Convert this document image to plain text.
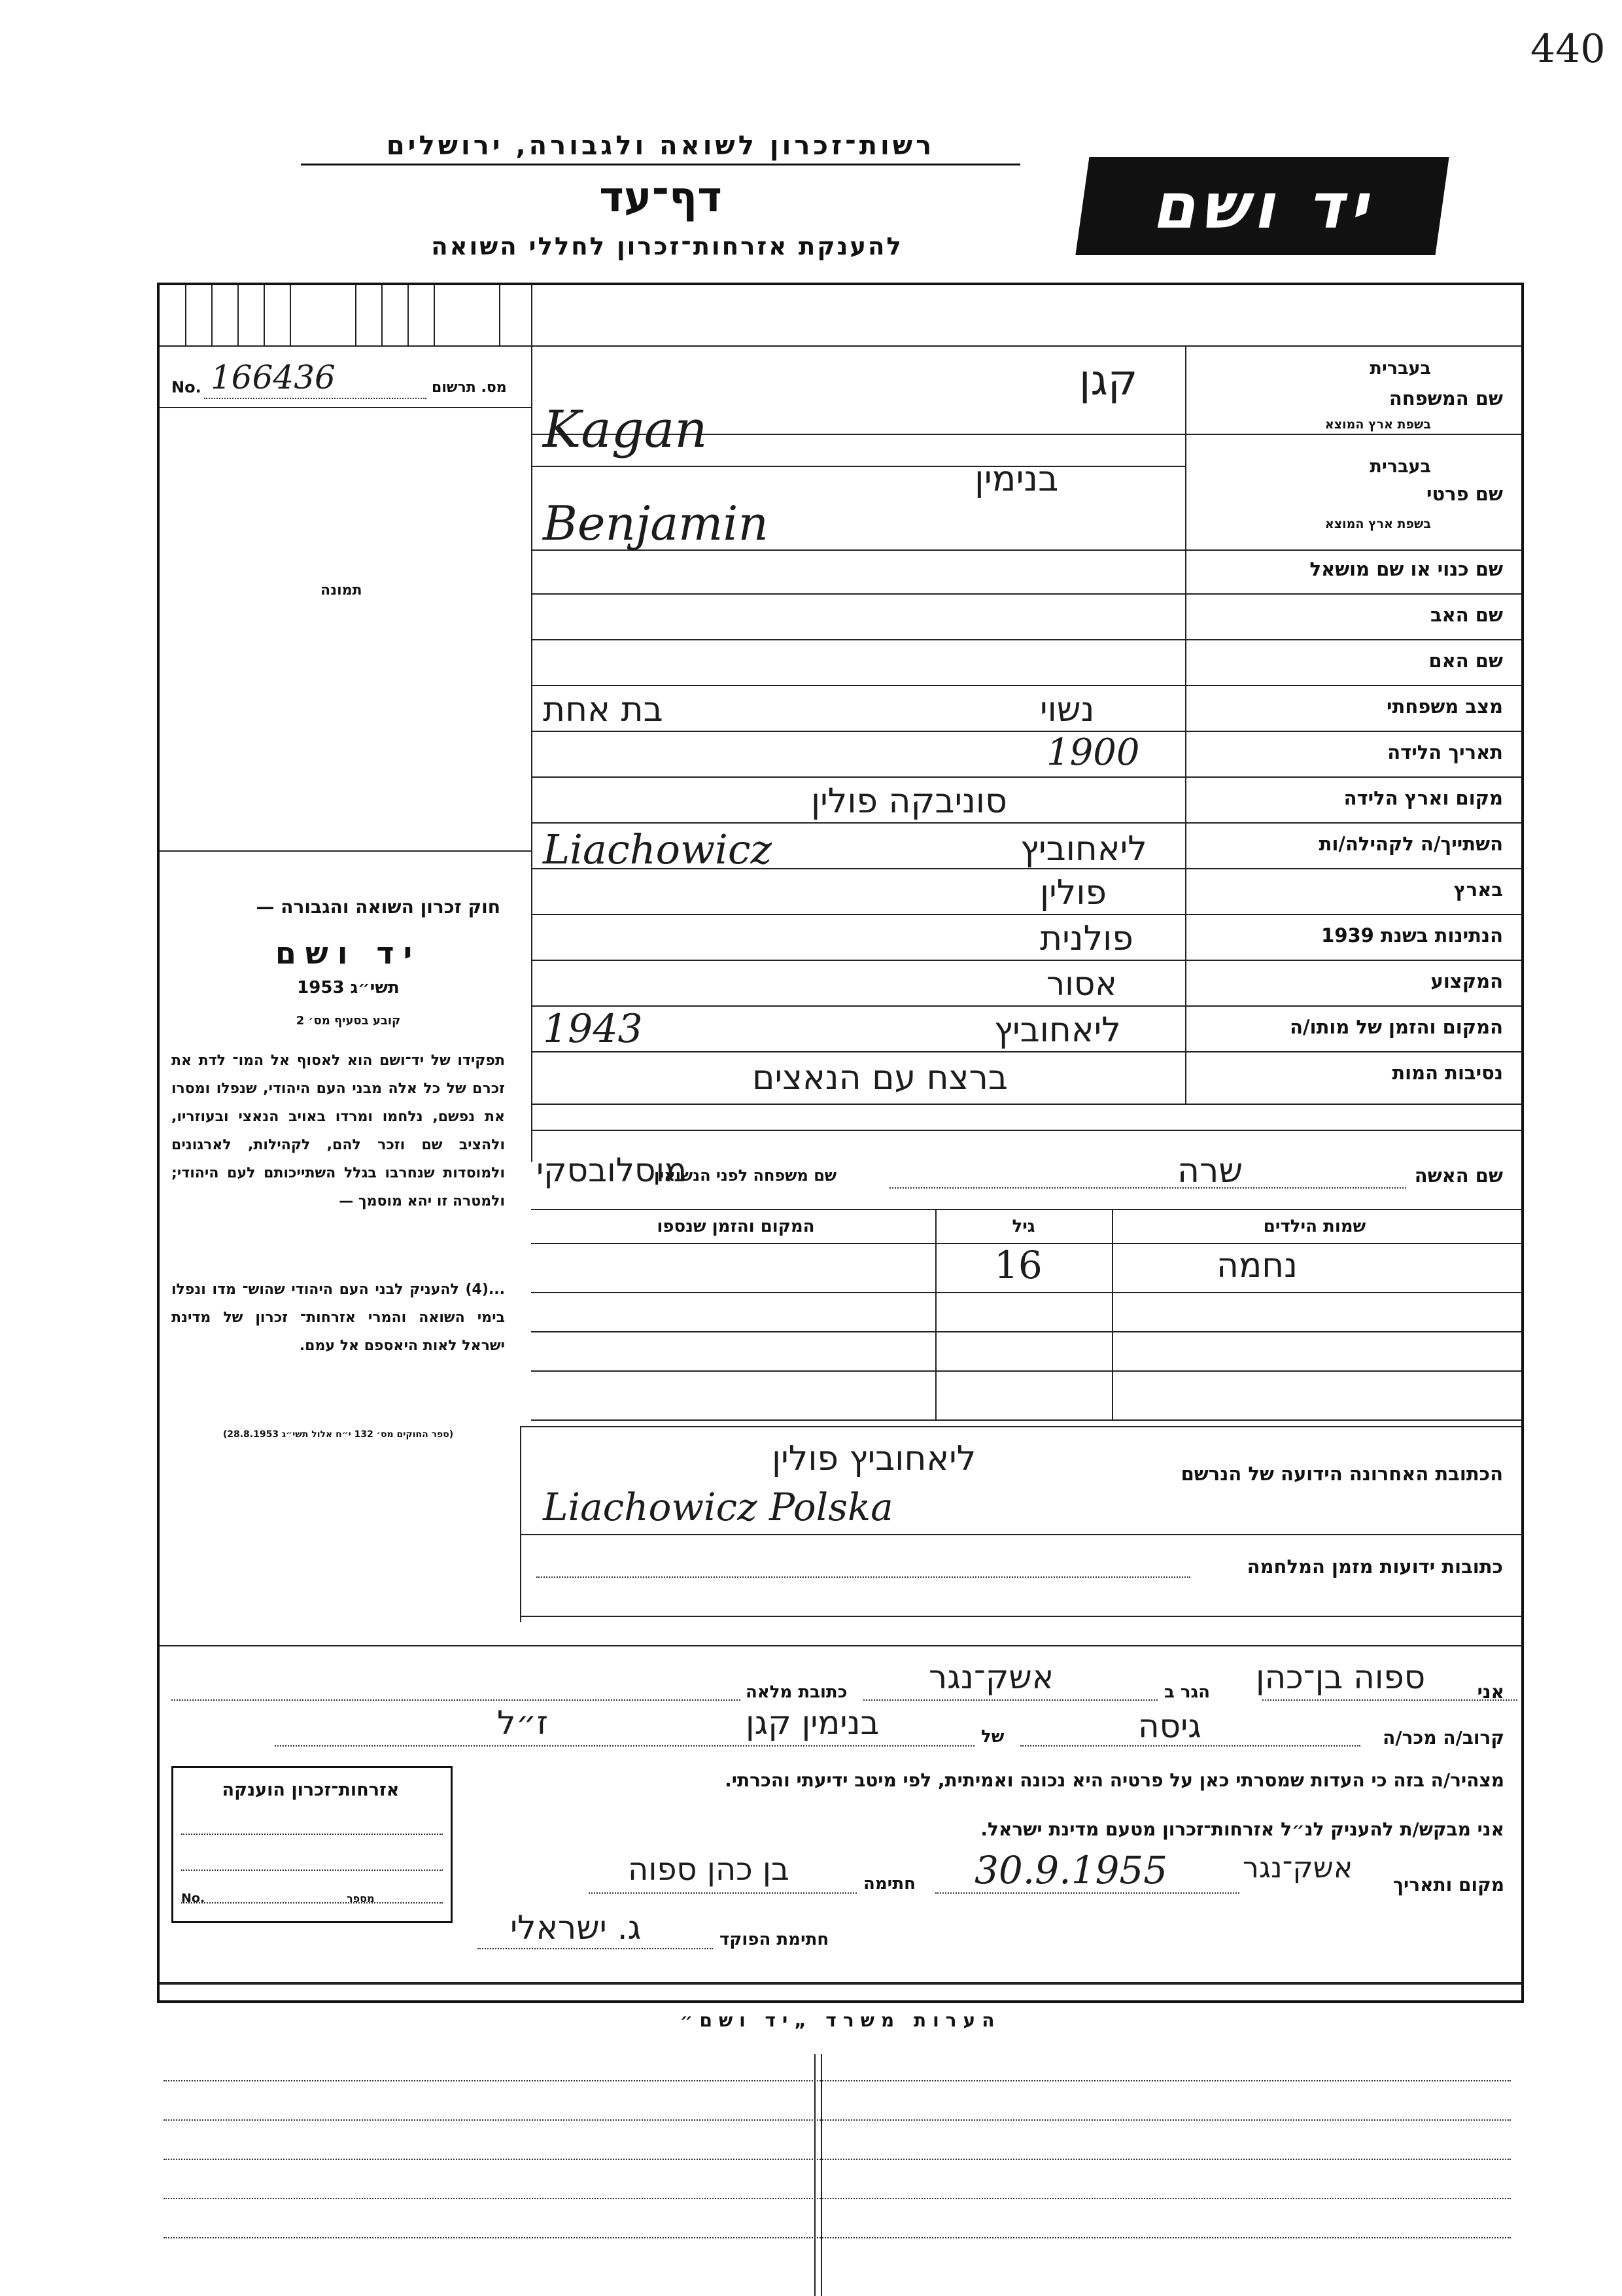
440
רשות־זכרון לשואה ולגבורה, ירושלים
דף־עד
להענקת אזרחות־זכרון לחללי השואה
יד ושם
No. 166436	מס. תרשום
תמונה
חוק זכרון השואה והגבורה —
יד ושם
תשי״ג 1953
קובע בסעיף מס׳ 2
תפקידו של יד־ושם הוא לאסוף אל המו־ לדת את זכרם של כל אלה מבני העם היהודי, שנפלו ומסרו את נפשם, נלחמו ומרדו באויב הנאצי ובעוזריו, ולהציב שם וזכר להם, לקהילות, לארגונים ולמוסדות שנחרבו בגלל השתייכותם לעם היהודי; ולמטרה זו יהא מוסמך —
...(4) להעניק לבני העם היהודי שהוש־ מדו ונפלו בימי השואה והמרי אזרחות־ זכרון של מדינת ישראל לאות היאספם אל עמם.
(ספר החוקים מס׳ 132 י״ח אלול תשי״ג 28.8.1953)
שם המשפחה
בעברית
בשפת ארץ המוצא
קגן
Kagan
שם פרטי
בעברית
בשפת ארץ המוצא
בנימין
Benjamin
שם כנוי או שם מושאל
שם האב
שם האם
מצב משפחתי
נשוי
בת אחת
תאריך הלידה
1900
מקום וארץ הלידה
סוניבקה פולין
השתייך/ה לקהילה/ות
ליאחוביץ
Liachowicz
בארץ
פולין
הנתינות בשנת 1939
פולנית
המקצוע
אסור
המקום והזמן של מותו/ה
ליאחוביץ
1943
נסיבות המות
ברצח עם הנאצים
שם האשה
שרה
שם משפחה לפני הנשואין
מוסלובסקי
שמות הילדים
גיל
המקום והזמן שנספו
נחמה
16
הכתובת האחרונה הידועה של הנרשם
ליאחוביץ פולין
Liachowicz Polska
כתובות ידועות מזמן המלחמה
אני
ספוה בן־כהן
הגר ב
אשק־נגר
כתובת מלאה
קרוב/ה מכר/ה
גיסה
של
בנימין קגן
ז״ל
מצהיר/ה בזה כי העדות שמסרתי כאן על פרטיה היא נכונה ואמיתית, לפי מיטב ידיעתי והכרתי.
אני מבקש/ת להעניק לנ״ל אזרחות־זכרון מטעם מדינת ישראל.
מקום ותאריך
אשק־נגר
30.9.1955
חתימה
בן כהן ספוה
חתימת הפוקד
ג. ישראלי
אזרחות־זכרון הוענקה
מספר
No.
הערות משרד „יד ושם״
